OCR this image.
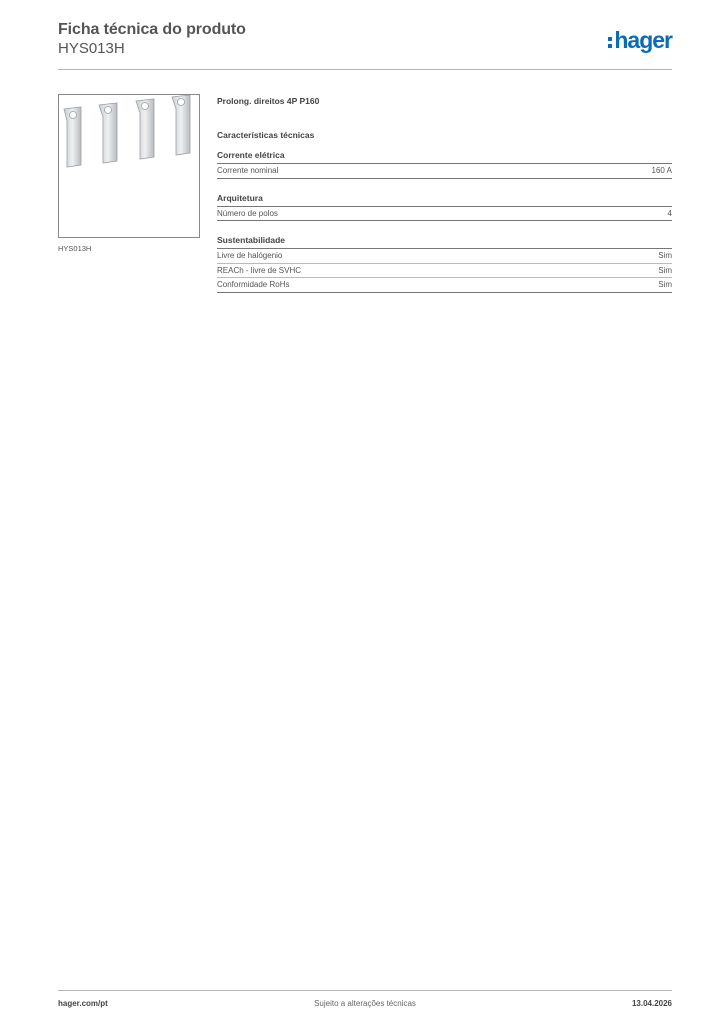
Ficha técnica do produto
HYS013H	hager
HYS013H
Prolong. direitos 4P P160
Características técnicas
Corrente elétrica
Corrente nominal	160 A
Arquitetura
Número de polos	4
Sustentabilidade
Livre de halógenio	Sim
REACh - livre de SVHC	Sim
Conformidade RoHs	Sim
hager.com/pt	Sujeito a alterações técnicas	13.04.2026
